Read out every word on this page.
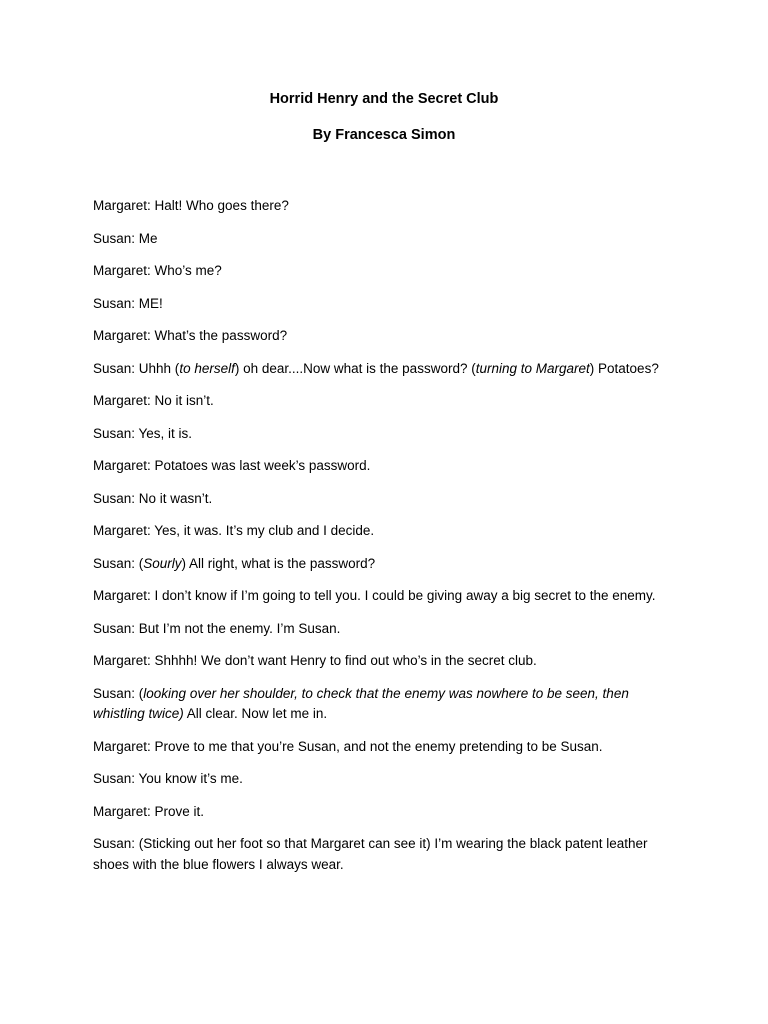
Horrid Henry and the Secret Club
By Francesca Simon

Margaret: Halt! Who goes there?

Susan: Me

Margaret: Who’s me?

Susan: ME!

Margaret: What’s the password?

Susan: Uhhh (to herself) oh dear....Now what is the password? (turning to Margaret) Potatoes?

Margaret: No it isn’t.

Susan: Yes, it is.

Margaret: Potatoes was last week’s password.

Susan: No it wasn’t.

Margaret: Yes, it was. It’s my club and I decide.

Susan: (Sourly) All right, what is the password?

Margaret: I don’t know if I’m going to tell you. I could be giving away a big secret to the enemy.

Susan: But I’m not the enemy. I’m Susan.

Margaret: Shhhh! We don’t want Henry to find out who’s in the secret club.

Susan: (looking over her shoulder, to check that the enemy was nowhere to be seen, then whistling twice) All clear. Now let me in.

Margaret: Prove to me that you’re Susan, and not the enemy pretending to be Susan.

Susan: You know it’s me.

Margaret: Prove it.

Susan: (Sticking out her foot so that Margaret can see it) I’m wearing the black patent leather shoes with the blue flowers I always wear.
